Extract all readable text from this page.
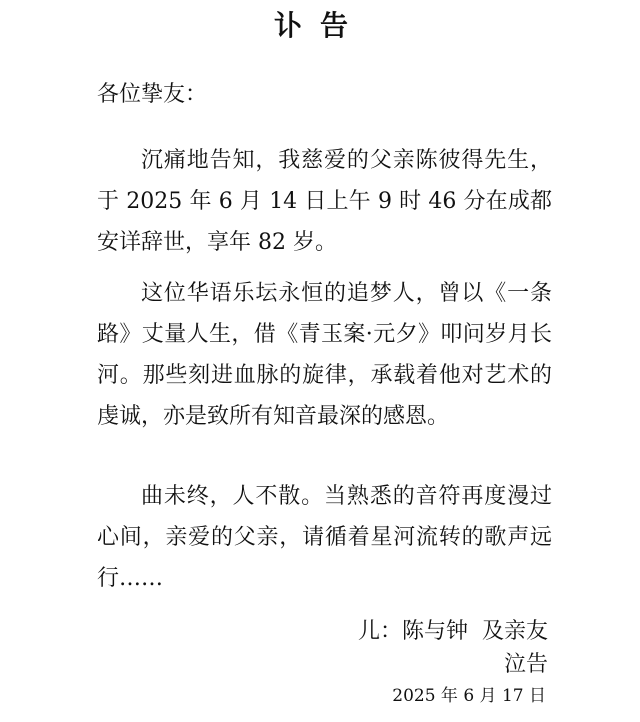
讣告
各位挚友：

沉痛地告知，我慈爱的父亲陈彼得先生，于 2025 年 6 月 14 日上午 9 时 46 分在成都安详辞世，享年 82 岁。

这位华语乐坛永恒的追梦人，曾以《一条路》丈量人生，借《青玉案·元夕》叩问岁月长河。那些刻进血脉的旋律，承载着他对艺术的虔诚，亦是致所有知音最深的感恩。

曲未终，人不散。当熟悉的音符再度漫过心间，亲爱的父亲，请循着星河流转的歌声远行……

儿：陈与钟  及亲友
泣告
2025 年 6 月 17 日
